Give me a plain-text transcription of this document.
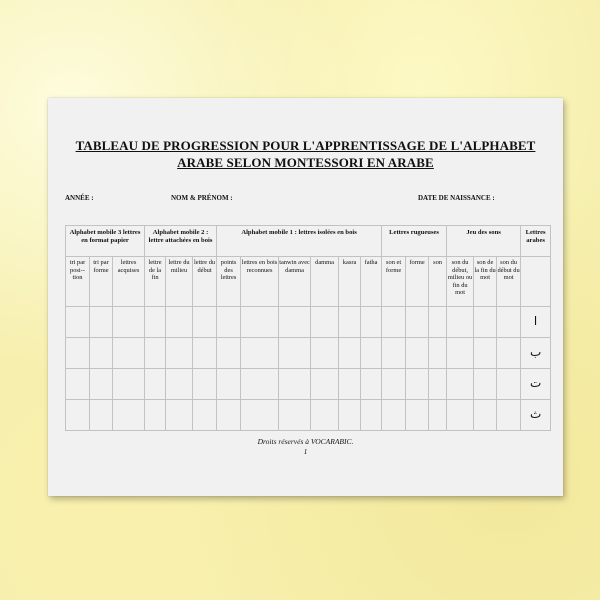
TABLEAU DE PROGRESSION POUR L'APPRENTISSAGE DE L'ALPHABET
ARABE SELON MONTESSORI EN ARABE
ANNÉE :	NOM & PRÉNOM :	DATE DE NAISSANCE :
Alphabet mobile 3 lettres en format papier			Alphabet mobile 2 : lettre attachées en bois			Alphabet mobile 1 : lettres isolées en bois						Lettres rugueuses			Jeu des sons			Lettres arabes
tri par posi--tion	tri par forme	lettres acquises	lettre de la fin	lettre du milieu	lettre du début	points des lettres	lettres en bois reconnues	tanwin avec damma	damma	kasra	fatha	son et forme	forme	son	son du début, milieu ou fin du mot	son de la fin du mot	son du début du mot	
																		ا
																		ب
																		ت
																		ث
Droits réservés à VOCARABIC.
1
